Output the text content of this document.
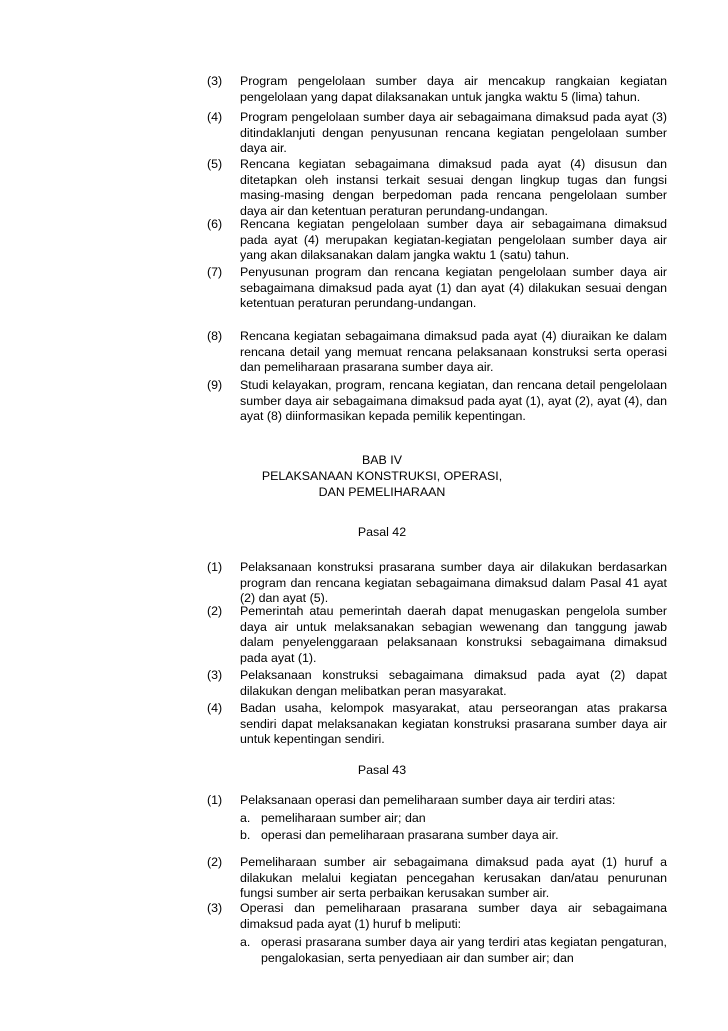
(3)	Program pengelolaan sumber daya air mencakup rangkaian kegiatan pengelolaan yang dapat dilaksanakan untuk jangka waktu 5 (lima) tahun.
(4)	Program pengelolaan sumber daya air sebagaimana dimaksud pada ayat (3) ditindaklanjuti dengan penyusunan rencana kegiatan pengelolaan sumber daya air.
(5)	Rencana kegiatan sebagaimana dimaksud pada ayat (4) disusun dan ditetapkan oleh instansi terkait sesuai dengan lingkup tugas dan fungsi masing-masing dengan berpedoman pada rencana pengelolaan sumber daya air dan ketentuan peraturan perundang-undangan.
(6)	Rencana kegiatan pengelolaan sumber daya air sebagaimana dimaksud pada ayat (4) merupakan kegiatan-kegiatan pengelolaan sumber daya air yang akan dilaksanakan dalam jangka waktu 1 (satu) tahun.
(7)	Penyusunan program dan rencana kegiatan pengelolaan sumber daya air sebagaimana dimaksud pada ayat (1) dan ayat (4) dilakukan sesuai dengan ketentuan peraturan perundang-undangan.
(8)	Rencana kegiatan sebagaimana dimaksud pada ayat (4) diuraikan ke dalam rencana detail yang memuat rencana pelaksanaan konstruksi serta operasi dan pemeliharaan prasarana sumber daya air.
(9)	Studi kelayakan, program, rencana kegiatan, dan rencana detail pengelolaan sumber daya air sebagaimana dimaksud pada ayat (1), ayat (2), ayat (4), dan ayat (8) diinformasikan kepada pemilik kepentingan.
BAB IV
PELAKSANAAN KONSTRUKSI, OPERASI,
DAN PEMELIHARAAN
Pasal 42
(1)	Pelaksanaan konstruksi prasarana sumber daya air dilakukan berdasarkan program dan rencana kegiatan sebagaimana dimaksud dalam Pasal 41 ayat (2) dan ayat (5).
(2)	Pemerintah atau pemerintah daerah dapat menugaskan pengelola sumber daya air untuk melaksanakan sebagian wewenang dan tanggung jawab dalam penyelenggaraan pelaksanaan konstruksi sebagaimana dimaksud pada ayat (1).
(3)	Pelaksanaan konstruksi sebagaimana dimaksud pada ayat (2) dapat dilakukan dengan melibatkan peran masyarakat.
(4)	Badan usaha, kelompok masyarakat, atau perseorangan atas prakarsa sendiri dapat melaksanakan kegiatan konstruksi prasarana sumber daya air untuk kepentingan sendiri.
Pasal 43
(1)	Pelaksanaan operasi dan pemeliharaan sumber daya air terdiri atas:
a. pemeliharaan sumber air; dan
b. operasi dan pemeliharaan prasarana sumber daya air.
(2)	Pemeliharaan sumber air sebagaimana dimaksud pada ayat (1) huruf a dilakukan melalui kegiatan pencegahan kerusakan dan/atau penurunan fungsi sumber air serta perbaikan kerusakan sumber air.
(3)	Operasi dan pemeliharaan prasarana sumber daya air sebagaimana dimaksud pada ayat (1) huruf b meliputi:
a. operasi prasarana sumber daya air yang terdiri atas kegiatan pengaturan, pengalokasian, serta penyediaan air dan sumber air; dan
